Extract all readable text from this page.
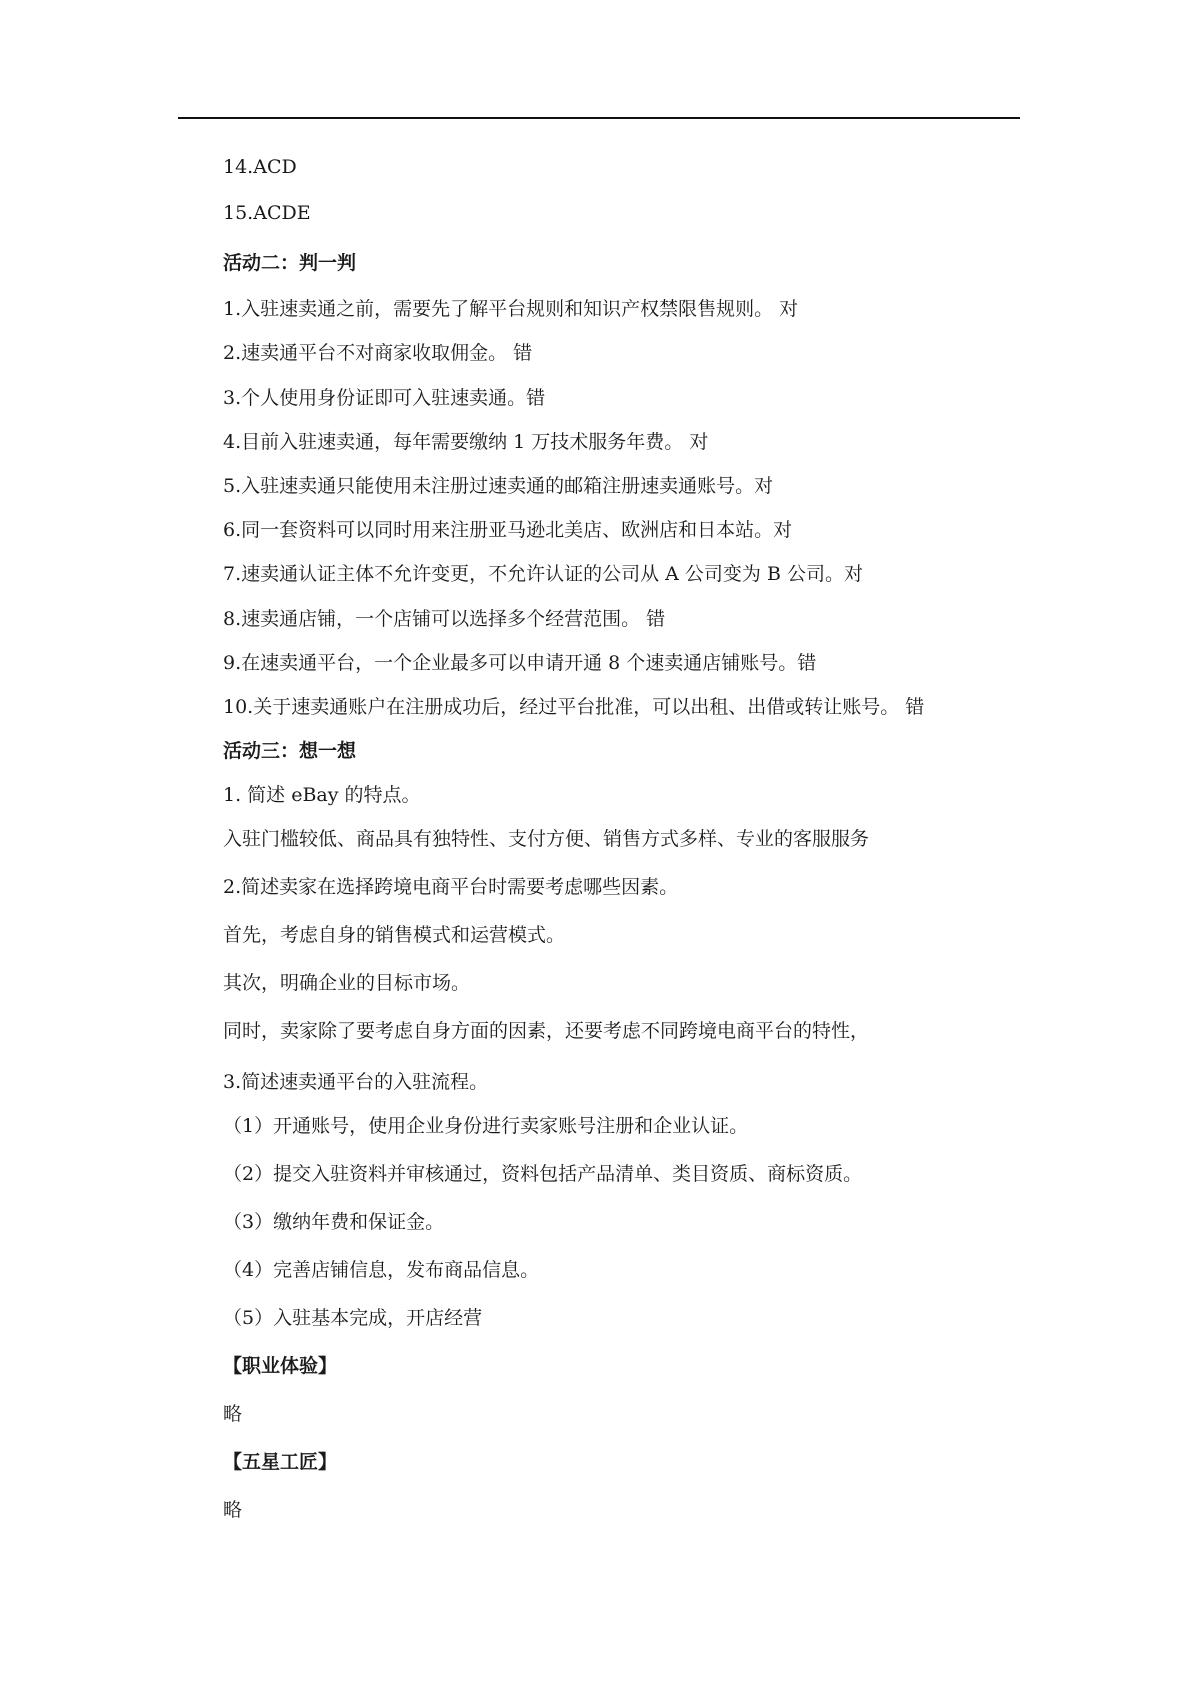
14.ACD
15.ACDE
活动二：判一判
1.入驻速卖通之前，需要先了解平台规则和知识产权禁限售规则。 对
2.速卖通平台不对商家收取佣金。 错
3.个人使用身份证即可入驻速卖通。错
4.目前入驻速卖通，每年需要缴纳 1 万技术服务年费。 对
5.入驻速卖通只能使用未注册过速卖通的邮箱注册速卖通账号。对
6.同一套资料可以同时用来注册亚马逊北美店、欧洲店和日本站。对
7.速卖通认证主体不允许变更，不允许认证的公司从 A 公司变为 B 公司。对
8.速卖通店铺，一个店铺可以选择多个经营范围。 错
9.在速卖通平台，一个企业最多可以申请开通 8 个速卖通店铺账号。错
10.关于速卖通账户在注册成功后，经过平台批准，可以出租、出借或转让账号。 错
活动三：想一想
1. 简述 eBay 的特点。
入驻门槛较低、商品具有独特性、支付方便、销售方式多样、专业的客服服务
2.简述卖家在选择跨境电商平台时需要考虑哪些因素。
首先，考虑自身的销售模式和运营模式。
其次，明确企业的目标市场。
同时，卖家除了要考虑自身方面的因素，还要考虑不同跨境电商平台的特性，
3.简述速卖通平台的入驻流程。
（1）开通账号，使用企业身份进行卖家账号注册和企业认证。
（2）提交入驻资料并审核通过，资料包括产品清单、类目资质、商标资质。
（3）缴纳年费和保证金。
（4）完善店铺信息，发布商品信息。
（5）入驻基本完成，开店经营
【职业体验】
略
【五星工匠】
略
